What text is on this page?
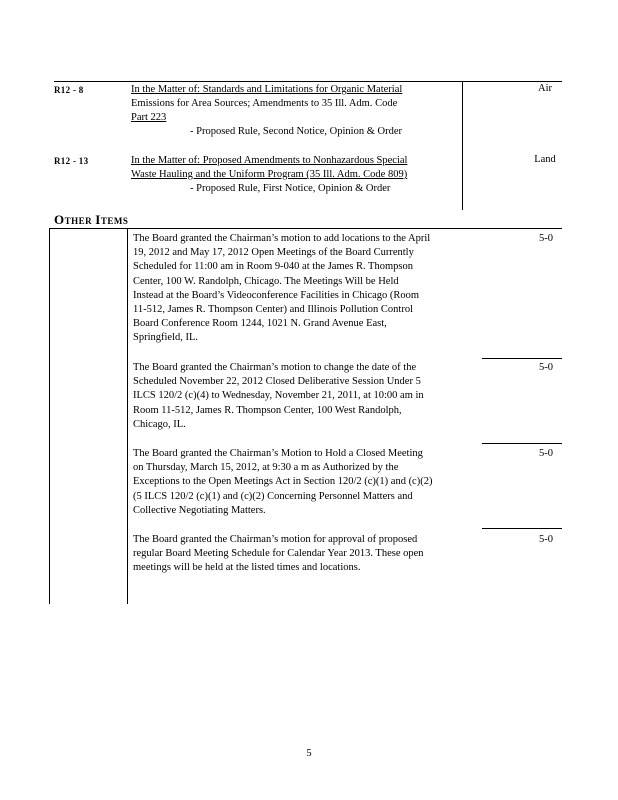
R12 - 8	In the Matter of: Standards and Limitations for Organic Material
Emissions for Area Sources; Amendments to 35 Ill. Adm. Code
Part 223
- Proposed Rule, Second Notice, Opinion & Order
Air
R12 - 13	In the Matter of: Proposed Amendments to Nonhazardous Special
Waste Hauling and the Uniform Program (35 Ill. Adm. Code 809)
- Proposed Rule, First Notice, Opinion & Order
Land
OTHER ITEMS
The Board granted the Chairman’s motion to add locations to the April
19, 2012 and May 17, 2012 Open Meetings of the Board Currently
Scheduled for 11:00 am in Room 9-040 at the James R. Thompson
Center, 100 W. Randolph, Chicago. The Meetings Will be Held
Instead at the Board’s Videoconference Facilities in Chicago (Room
11-512, James R. Thompson Center) and Illinois Pollution Control
Board Conference Room 1244, 1021 N. Grand Avenue East,
Springfield, IL.
5-0
The Board granted the Chairman’s motion to change the date of the
Scheduled November 22, 2012 Closed Deliberative Session Under 5
ILCS 120/2 (c)(4) to Wednesday, November 21, 2011, at 10:00 am in
Room 11-512, James R. Thompson Center, 100 West Randolph,
Chicago, IL.
5-0
The Board granted the Chairman’s Motion to Hold a Closed Meeting
on Thursday, March 15, 2012, at 9:30 a m as Authorized by the
Exceptions to the Open Meetings Act in Section 120/2 (c)(1) and (c)(2)
(5 ILCS 120/2 (c)(1) and (c)(2) Concerning Personnel Matters and
Collective Negotiating Matters.
5-0
The Board granted the Chairman’s motion for approval of proposed
regular Board Meeting Schedule for Calendar Year 2013. These open
meetings will be held at the listed times and locations.
5-0
5
